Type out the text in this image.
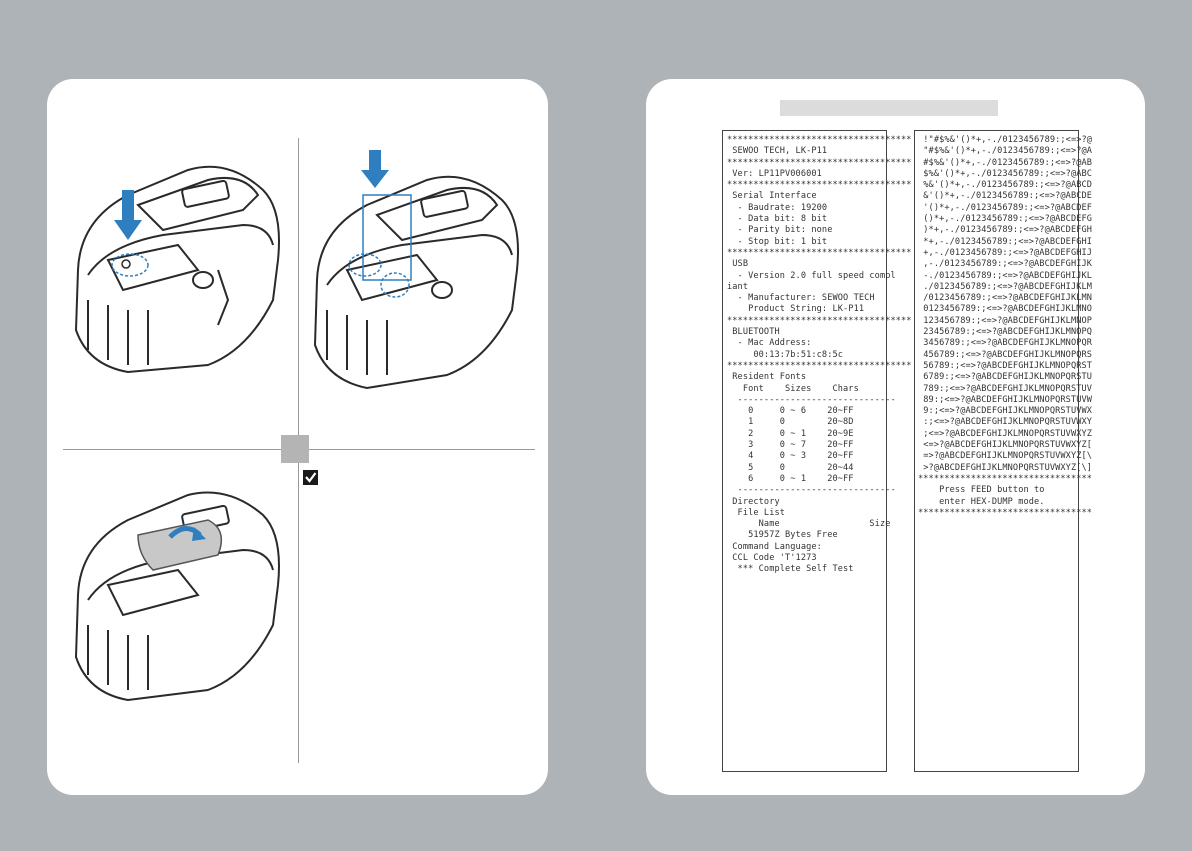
***********************************
SEWOO TECH, LK-P11
***********************************
Ver: LP11PV006001
***********************************
Serial Interface
- Baudrate: 19200
- Data bit: 8 bit
- Parity bit: none
- Stop bit: 1 bit
***********************************
USB
- Version 2.0 full speed compl
iant
- Manufacturer: SEWOO TECH
Product String: LK-P11
***********************************
BLUETOOTH
- Mac Address:
00:13:7b:51:c8:5c
***********************************
Resident Fonts
Font    Sizes    Chars
------------------------------
0     0 ~ 6    20~FF
1     0        20~8D
2     0 ~ 1    20~9E
3     0 ~ 7    20~FF
4     0 ~ 3    20~FF
5     0        20~44
6     0 ~ 1    20~FF
------------------------------
Directory
File List
Name                 Size
51957Z Bytes Free
Command Language:
CCL Code 'T'1273
*** Complete Self Test
!"#$%&'()*+,-./0123456789:;<=>?@
"#$%&'()*+,-./0123456789:;<=>?@A
#$%&'()*+,-./0123456789:;<=>?@AB
$%&'()*+,-./0123456789:;<=>?@ABC
%&'()*+,-./0123456789:;<=>?@ABCD
&'()*+,-./0123456789:;<=>?@ABCDE
'()*+,-./0123456789:;<=>?@ABCDEF
()*+,-./0123456789:;<=>?@ABCDEFG
)*+,-./0123456789:;<=>?@ABCDEFGH
*+,-./0123456789:;<=>?@ABCDEFGHI
+,-./0123456789:;<=>?@ABCDEFGHIJ
,-./0123456789:;<=>?@ABCDEFGHIJK
-./0123456789:;<=>?@ABCDEFGHIJKL
./0123456789:;<=>?@ABCDEFGHIJKLM
/0123456789:;<=>?@ABCDEFGHIJKLMN
0123456789:;<=>?@ABCDEFGHIJKLMNO
123456789:;<=>?@ABCDEFGHIJKLMNOP
23456789:;<=>?@ABCDEFGHIJKLMNOPQ
3456789:;<=>?@ABCDEFGHIJKLMNOPQR
456789:;<=>?@ABCDEFGHIJKLMNOPQRS
56789:;<=>?@ABCDEFGHIJKLMNOPQRST
6789:;<=>?@ABCDEFGHIJKLMNOPQRSTU
789:;<=>?@ABCDEFGHIJKLMNOPQRSTUV
89:;<=>?@ABCDEFGHIJKLMNOPQRSTUVW
9:;<=>?@ABCDEFGHIJKLMNOPQRSTUVWX
:;<=>?@ABCDEFGHIJKLMNOPQRSTUVWXY
;<=>?@ABCDEFGHIJKLMNOPQRSTUVWXYZ
<=>?@ABCDEFGHIJKLMNOPQRSTUVWXYZ[
=>?@ABCDEFGHIJKLMNOPQRSTUVWXYZ[\
>?@ABCDEFGHIJKLMNOPQRSTUVWXYZ[\]
*********************************
Press FEED button to
enter HEX-DUMP mode.
*********************************
